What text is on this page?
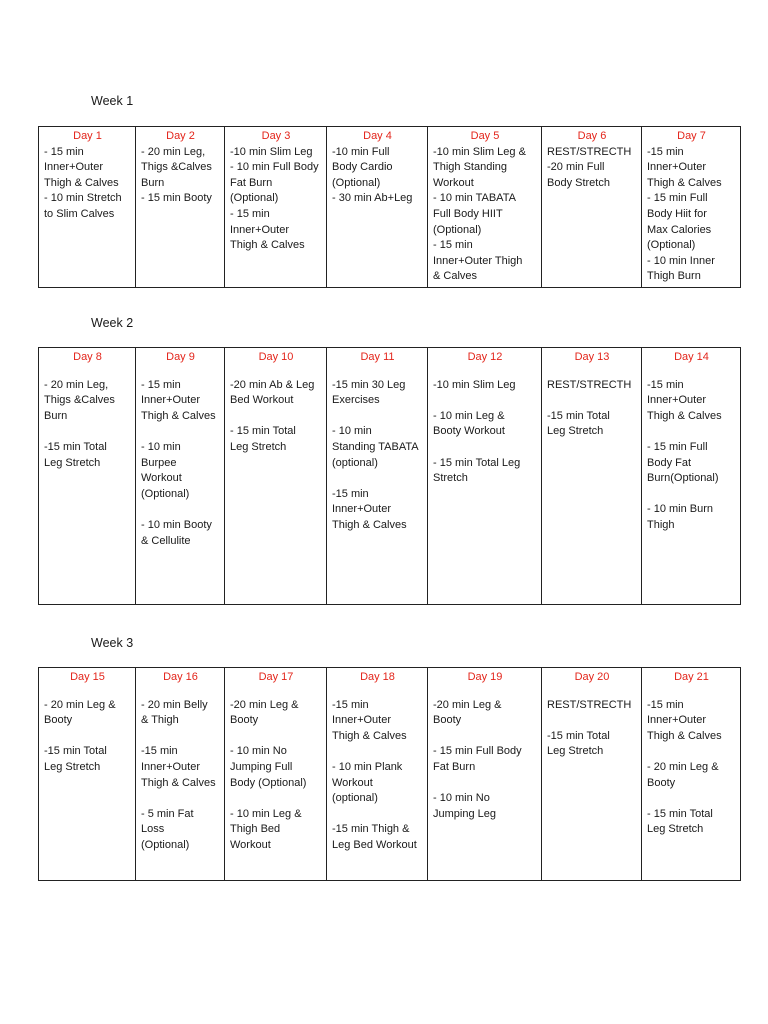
Week 1
Day 1
- 15 min
Inner+Outer
Thigh & Calves
- 10 min Stretch
to Slim Calves	
Day 2
- 20 min Leg,
Thigs &Calves
Burn
- 15 min Booty	
Day 3
-10 min Slim Leg
- 10 min Full Body
Fat Burn
(Optional)
- 15 min
Inner+Outer
Thigh & Calves	
Day 4
-10 min Full
Body Cardio
(Optional)
- 30 min Ab+Leg	
Day 5
-10 min Slim Leg &
Thigh Standing
Workout
- 10 min TABATA
Full Body HIIT
(Optional)
- 15 min
Inner+Outer Thigh
& Calves	
Day 6
REST/STRECTH
-20 min Full
Body Stretch	
Day 7
-15 min
Inner+Outer
Thigh & Calves
- 15 min Full
Body Hiit for
Max Calories
(Optional)
- 10 min Inner
Thigh Burn
Week 2
Day 8
- 20 min Leg,
Thigs &Calves
Burn

-15 min Total
Leg Stretch	
Day 9
- 15 min
Inner+Outer
Thigh & Calves

- 10 min
Burpee
Workout
(Optional)

- 10 min Booty
& Cellulite	
Day 10
-20 min Ab & Leg
Bed Workout

- 15 min Total
Leg Stretch	
Day 11
-15 min 30 Leg
Exercises

- 10 min
Standing TABATA
(optional)

-15 min
Inner+Outer
Thigh & Calves	
Day 12
-10 min Slim Leg

- 10 min Leg &
Booty Workout

- 15 min Total Leg
Stretch	
Day 13
REST/STRECTH

-15 min Total
Leg Stretch	
Day 14
-15 min
Inner+Outer
Thigh & Calves

- 15 min Full
Body Fat
Burn(Optional)

- 10 min Burn
Thigh
Week 3
Day 15
- 20 min Leg &
Booty

-15 min Total
Leg Stretch	
Day 16
- 20 min Belly
& Thigh

-15 min
Inner+Outer
Thigh & Calves

- 5 min Fat
Loss
(Optional)	
Day 17
-20 min Leg &
Booty

- 10 min No
Jumping Full
Body (Optional)

- 10 min Leg &
Thigh Bed
Workout	
Day 18
-15 min
Inner+Outer
Thigh & Calves

- 10 min Plank
Workout
(optional)

-15 min Thigh &
Leg Bed Workout	
Day 19
-20 min Leg &
Booty

- 15 min Full Body
Fat Burn

- 10 min No
Jumping Leg	
Day 20
REST/STRECTH

-15 min Total
Leg Stretch	
Day 21
-15 min
Inner+Outer
Thigh & Calves

- 20 min Leg &
Booty

- 15 min Total
Leg Stretch
